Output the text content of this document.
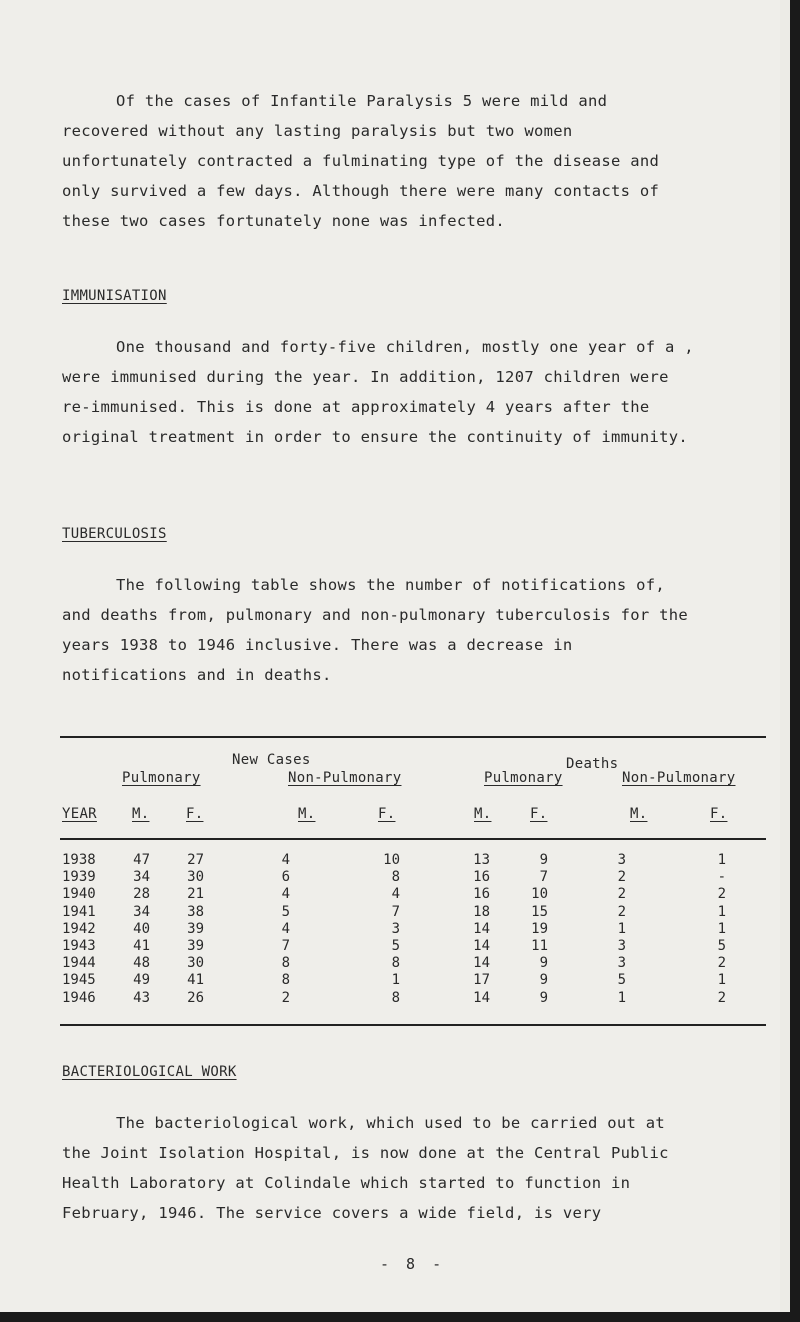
Of the cases of Infantile Paralysis 5 were mild and recovered without any lasting paralysis but two women unfortunately contracted a fulminating type of the disease and only survived a few days. Although there were many contacts of these two cases fortunately none was infected.

IMMUNISATION

One thousand and forty-five children, mostly one year of a , were immunised during the year. In addition, 1207 children were re-immunised. This is done at approximately 4 years after the original treatment in order to ensure the continuity of immunity.

TUBERCULOSIS

The following table shows the number of notifications of, and deaths from, pulmonary and non-pulmonary tuberculosis for the years 1938 to 1946 inclusive. There was a decrease in notifications and in deaths.

New Cases	Deaths
Pulmonary	Non-Pulmonary	Pulmonary	Non-Pulmonary
YEAR	M.	F.	M.	F.	M.	F.	M.	F.
1938	47	27	4	10	13	9	3	1
1939	34	30	6	8	16	7	2	-
1940	28	21	4	4	16	10	2	2
1941	34	38	5	7	18	15	2	1
1942	40	39	4	3	14	19	1	1
1943	41	39	7	5	14	11	3	5
1944	48	30	8	8	14	9	3	2
1945	49	41	8	1	17	9	5	1
1946	43	26	2	8	14	9	1	2

BACTERIOLOGICAL WORK

The bacteriological work, which used to be carried out at the Joint Isolation Hospital, is now done at the Central Public Health Laboratory at Colindale which started to function in February, 1946. The service covers a wide field, is very

- 8 -
